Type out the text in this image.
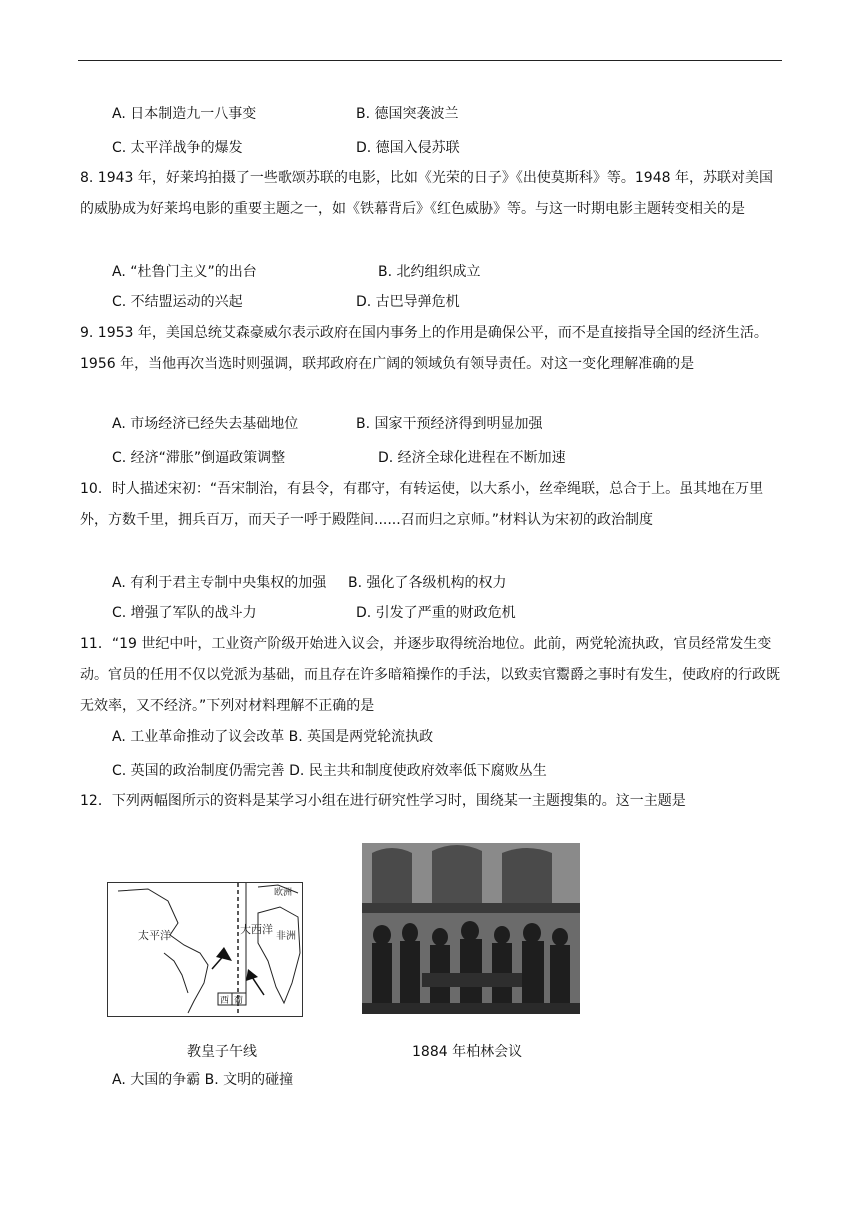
A. 日本制造九一八事变	B. 德国突袭波兰
C. 太平洋战争的爆发	D. 德国入侵苏联
8. 1943 年，好莱坞拍摄了一些歌颂苏联的电影，比如《光荣的日子》《出使莫斯科》等。1948 年，苏联对美国的威胁成为好莱坞电影的重要主题之一，如《铁幕背后》《红色威胁》等。与这一时期电影主题转变相关的是
A. “杜鲁门主义”的出台	B. 北约组织成立
C. 不结盟运动的兴起	D. 古巴导弹危机
9. 1953 年，美国总统艾森豪威尔表示政府在国内事务上的作用是确保公平，而不是直接指导全国的经济生活。1956 年，当他再次当选时则强调，联邦政府在广阔的领域负有领导责任。对这一变化理解准确的是
A. 市场经济已经失去基础地位	B. 国家干预经济得到明显加强
C. 经济“滞胀”倒逼政策调整	D. 经济全球化进程在不断加速
10．时人描述宋初：“吾宋制治，有县令，有郡守，有转运使，以大系小，丝牵绳联，总合于上。虽其地在万里外，方数千里，拥兵百万，而天子一呼于殿陛间......召而归之京师。”材料认为宋初的政治制度
A. 有利于君主专制中央集权的加强 B. 强化了各级机构的权力
C. 增强了军队的战斗力	D. 引发了严重的财政危机
11．“19 世纪中叶，工业资产阶级开始进入议会，并逐步取得统治地位。此前，两党轮流执政，官员经常发生变动。官员的任用不仅以党派为基础，而且存在许多暗箱操作的手法，以致卖官鬻爵之事时有发生，使政府的行政既无效率，又不经济。”下列对材料理解不正确的是
A. 工业革命推动了议会改革 B. 英国是两党轮流执政
C. 英国的政治制度仍需完善 D. 民主共和制度使政府效率低下腐败丛生
12．下列两幅图所示的资料是某学习小组在进行研究性学习时，围绕某一主题搜集的。这一主题是
太平洋	大西洋
非洲
欧洲
西 葡
教皇子午线	1884 年柏林会议
A. 大国的争霸 B. 文明的碰撞
